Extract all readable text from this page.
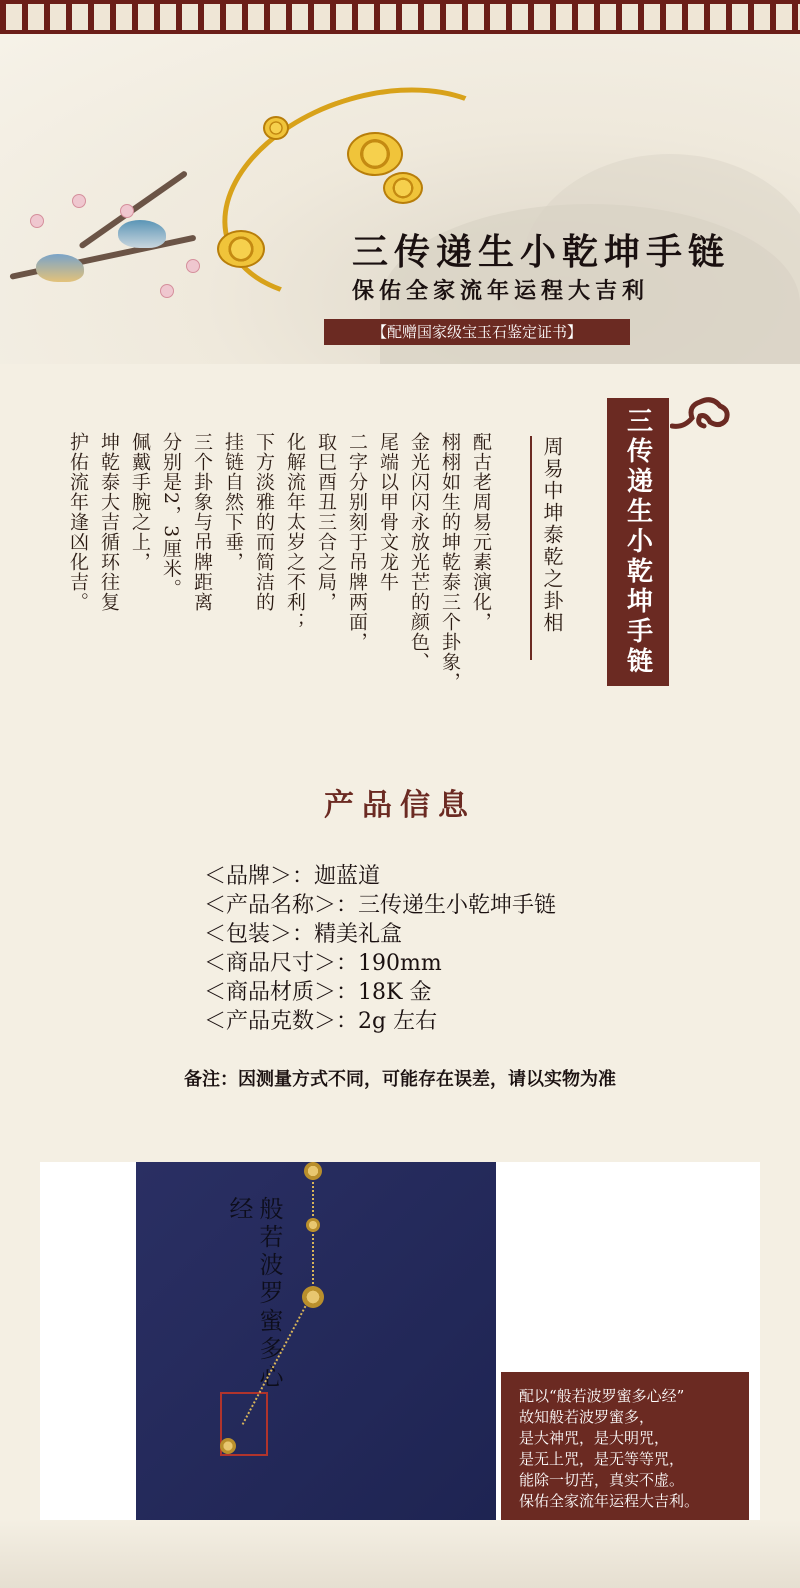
三传递生小乾坤手链
保佑全家流年运程大吉利
【配赠国家级宝玉石鉴定证书】
三传递生小乾坤手链
周易中坤泰乾之卦相
配古老周易元素演化，
栩栩如生的坤乾泰三个卦象，
金光闪闪永放光芒的颜色、
尾端以甲骨文龙牛
二字分别刻于吊牌两面，
取巳酉丑三合之局，
化解流年太岁之不利；
下方淡雅的而简洁的
挂链自然下垂，
三个卦象与吊牌距离
分别是2，3厘米。
佩戴手腕之上，
坤乾泰大吉循环往复
护佑流年逢凶化吉。
产品信息
＜品牌＞： 迦蓝道
＜产品名称＞： 三传递生小乾坤手链
＜包装＞： 精美礼盒
＜商品尺寸＞： 190mm
＜商品材质＞： 18K 金
＜产品克数＞： 2g 左右
备注：因测量方式不同，可能存在误差，请以实物为准
般若波罗蜜多心经
配以“般若波罗蜜多心经”
故知般若波罗蜜多，
是大神咒，是大明咒，
是无上咒，是无等等咒，
能除一切苦，真实不虚。
保佑全家流年运程大吉利。
